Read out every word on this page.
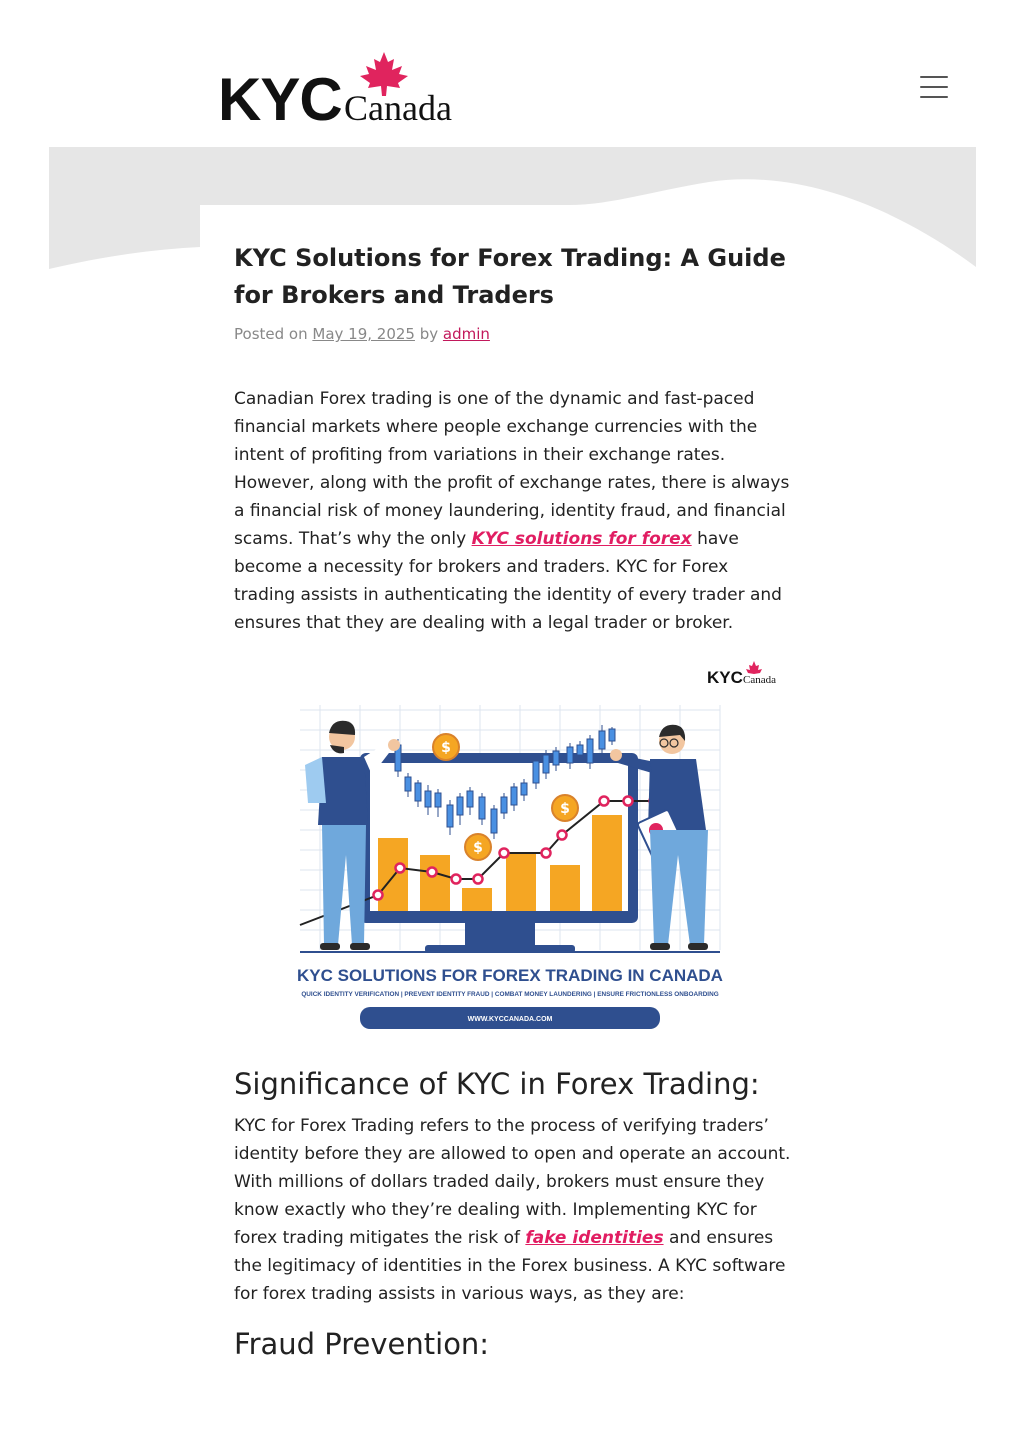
KYC Canada
KYC Solutions for Forex Trading: A Guide for Brokers and Traders
Posted on May 19, 2025 by admin

Canadian Forex trading is one of the dynamic and fast-paced financial markets where people exchange currencies with the intent of profiting from variations in their exchange rates. However, along with the profit of exchange rates, there is always a financial risk of money laundering, identity fraud, and financial scams. That’s why the only KYC solutions for forex have become a necessity for brokers and traders. KYC for Forex trading assists in authenticating the identity of every trader and ensures that they are dealing with a legal trader or broker.

KYC Canada
$
$
$
KYC SOLUTIONS FOR FOREX TRADING IN CANADA
QUICK IDENTITY VERIFICATION | PREVENT IDENTITY FRAUD | COMBAT MONEY LAUNDERING | ENSURE FRICTIONLESS ONBOARDING
WWW.KYCCANADA.COM
Significance of KYC in Forex Trading:

KYC for Forex Trading refers to the process of verifying traders’ identity before they are allowed to open and operate an account. With millions of dollars traded daily, brokers must ensure they know exactly who they’re dealing with. Implementing KYC for forex trading mitigates the risk of fake identities and ensures the legitimacy of identities in the Forex business. A KYC software for forex trading assists in various ways, as they are:

Fraud Prevention:
